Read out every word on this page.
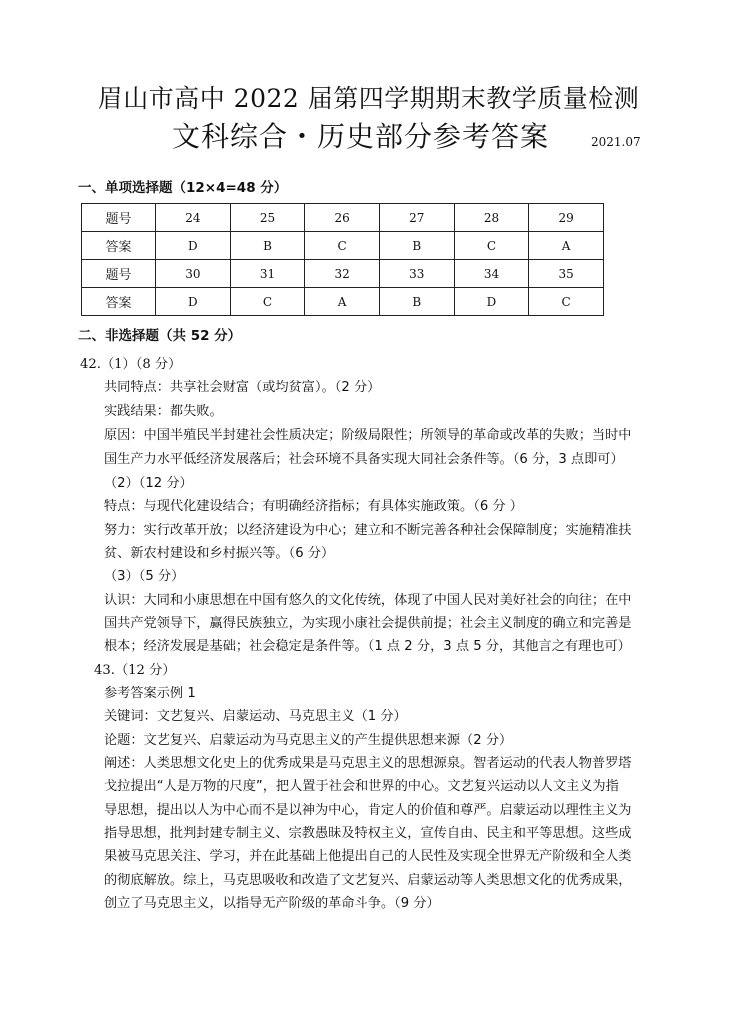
眉山市高中 2022 届第四学期期末教学质量检测
文科综合・历史部分参考答案	2021.07
一、单项选择题（12×4=48 分）
题号	24	25	26	27	28	29
答案	D	B	C	B	C	A
题号	30	31	32	33	34	35
答案	D	C	A	B	D	C
二、非选择题（共 52 分）
42.（1）（8 分）
共同特点：共享社会财富（或均贫富）。（2 分）
实践结果：都失败。
原因：中国半殖民半封建社会性质决定；阶级局限性；所领导的革命或改革的失败；当时中
国生产力水平低经济发展落后；社会环境不具备实现大同社会条件等。（6 分，3 点即可）
（2）（12 分）
特点：与现代化建设结合；有明确经济指标；有具体实施政策。（6 分 ）
努力：实行改革开放；以经济建设为中心；建立和不断完善各种社会保障制度；实施精准扶
贫、新农村建设和乡村振兴等。（6 分）
（3）（5 分）
认识：大同和小康思想在中国有悠久的文化传统，体现了中国人民对美好社会的向往；在中
国共产党领导下，赢得民族独立，为实现小康社会提供前提；社会主义制度的确立和完善是
根本；经济发展是基础；社会稳定是条件等。（1 点 2 分，3 点 5 分，其他言之有理也可）
43.（12 分）
参考答案示例 1
关键词：文艺复兴、启蒙运动、马克思主义（1 分）
论题：文艺复兴、启蒙运动为马克思主义的产生提供思想来源（2 分）
阐述：人类思想文化史上的优秀成果是马克思主义的思想源泉。智者运动的代表人物普罗塔
戈拉提出“人是万物的尺度”，把人置于社会和世界的中心。文艺复兴运动以人文主义为指
导思想，提出以人为中心而不是以神为中心，肯定人的价值和尊严。启蒙运动以理性主义为
指导思想，批判封建专制主义、宗教愚昧及特权主义，宣传自由、民主和平等思想。这些成
果被马克思关注、学习，并在此基础上他提出自己的人民性及实现全世界无产阶级和全人类
的彻底解放。综上，马克思吸收和改造了文艺复兴、启蒙运动等人类思想文化的优秀成果，
创立了马克思主义，以指导无产阶级的革命斗争。（9 分）
